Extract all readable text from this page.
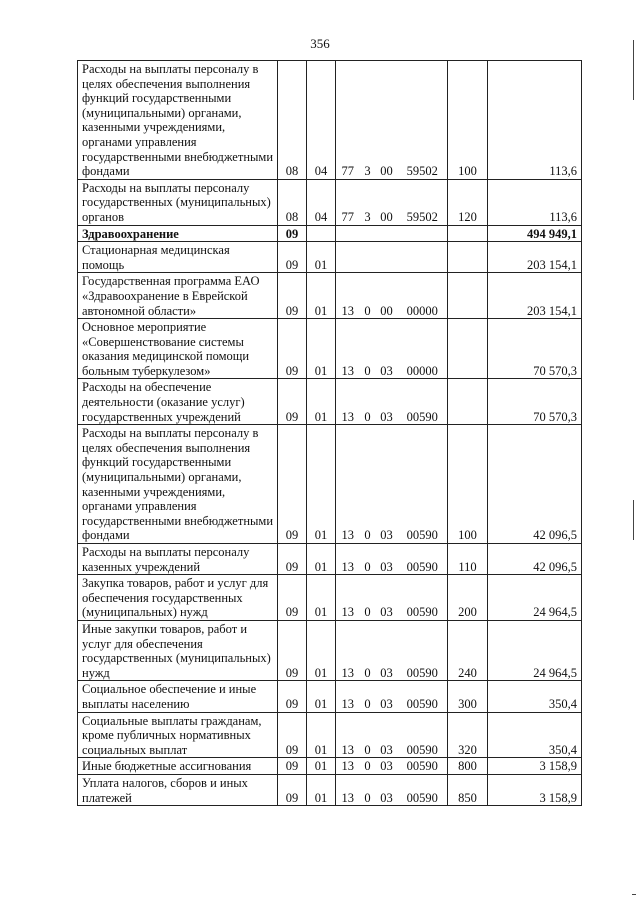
356
Расходы на выплаты персоналу в целях обеспечения выполнения функций государственными (муниципальными) органами, казенными учреждениями, органами управления государственными внебюджетными фондами	08	04	77	3	00	59502	100	113,6
Расходы на выплаты персоналу государственных (муниципальных) органов	08	04	77	3	00	59502	120	113,6
Здравоохранение	09							494 949,1
Стационарная медицинская помощь	09	01						203 154,1
Государственная программа ЕАО «Здравоохранение в Еврейской автономной области»	09	01	13	0	00	00000		203 154,1
Основное мероприятие «Совершенствование системы оказания медицинской помощи больным туберкулезом»	09	01	13	0	03	00000		70 570,3
Расходы на обеспечение деятельности (оказание услуг) государственных учреждений	09	01	13	0	03	00590		70 570,3
Расходы на выплаты персоналу в целях обеспечения выполнения функций государственными (муниципальными) органами, казенными учреждениями, органами управления государственными внебюджетными фондами	09	01	13	0	03	00590	100	42 096,5
Расходы на выплаты персоналу казенных учреждений	09	01	13	0	03	00590	110	42 096,5
Закупка товаров, работ и услуг для обеспечения государственных (муниципальных) нужд	09	01	13	0	03	00590	200	24 964,5
Иные закупки товаров, работ и услуг для обеспечения государственных (муниципальных) нужд	09	01	13	0	03	00590	240	24 964,5
Социальное обеспечение и иные выплаты населению	09	01	13	0	03	00590	300	350,4
Социальные выплаты гражданам, кроме публичных нормативных социальных выплат	09	01	13	0	03	00590	320	350,4
Иные бюджетные ассигнования	09	01	13	0	03	00590	800	3 158,9
Уплата налогов, сборов и иных платежей	09	01	13	0	03	00590	850	3 158,9
